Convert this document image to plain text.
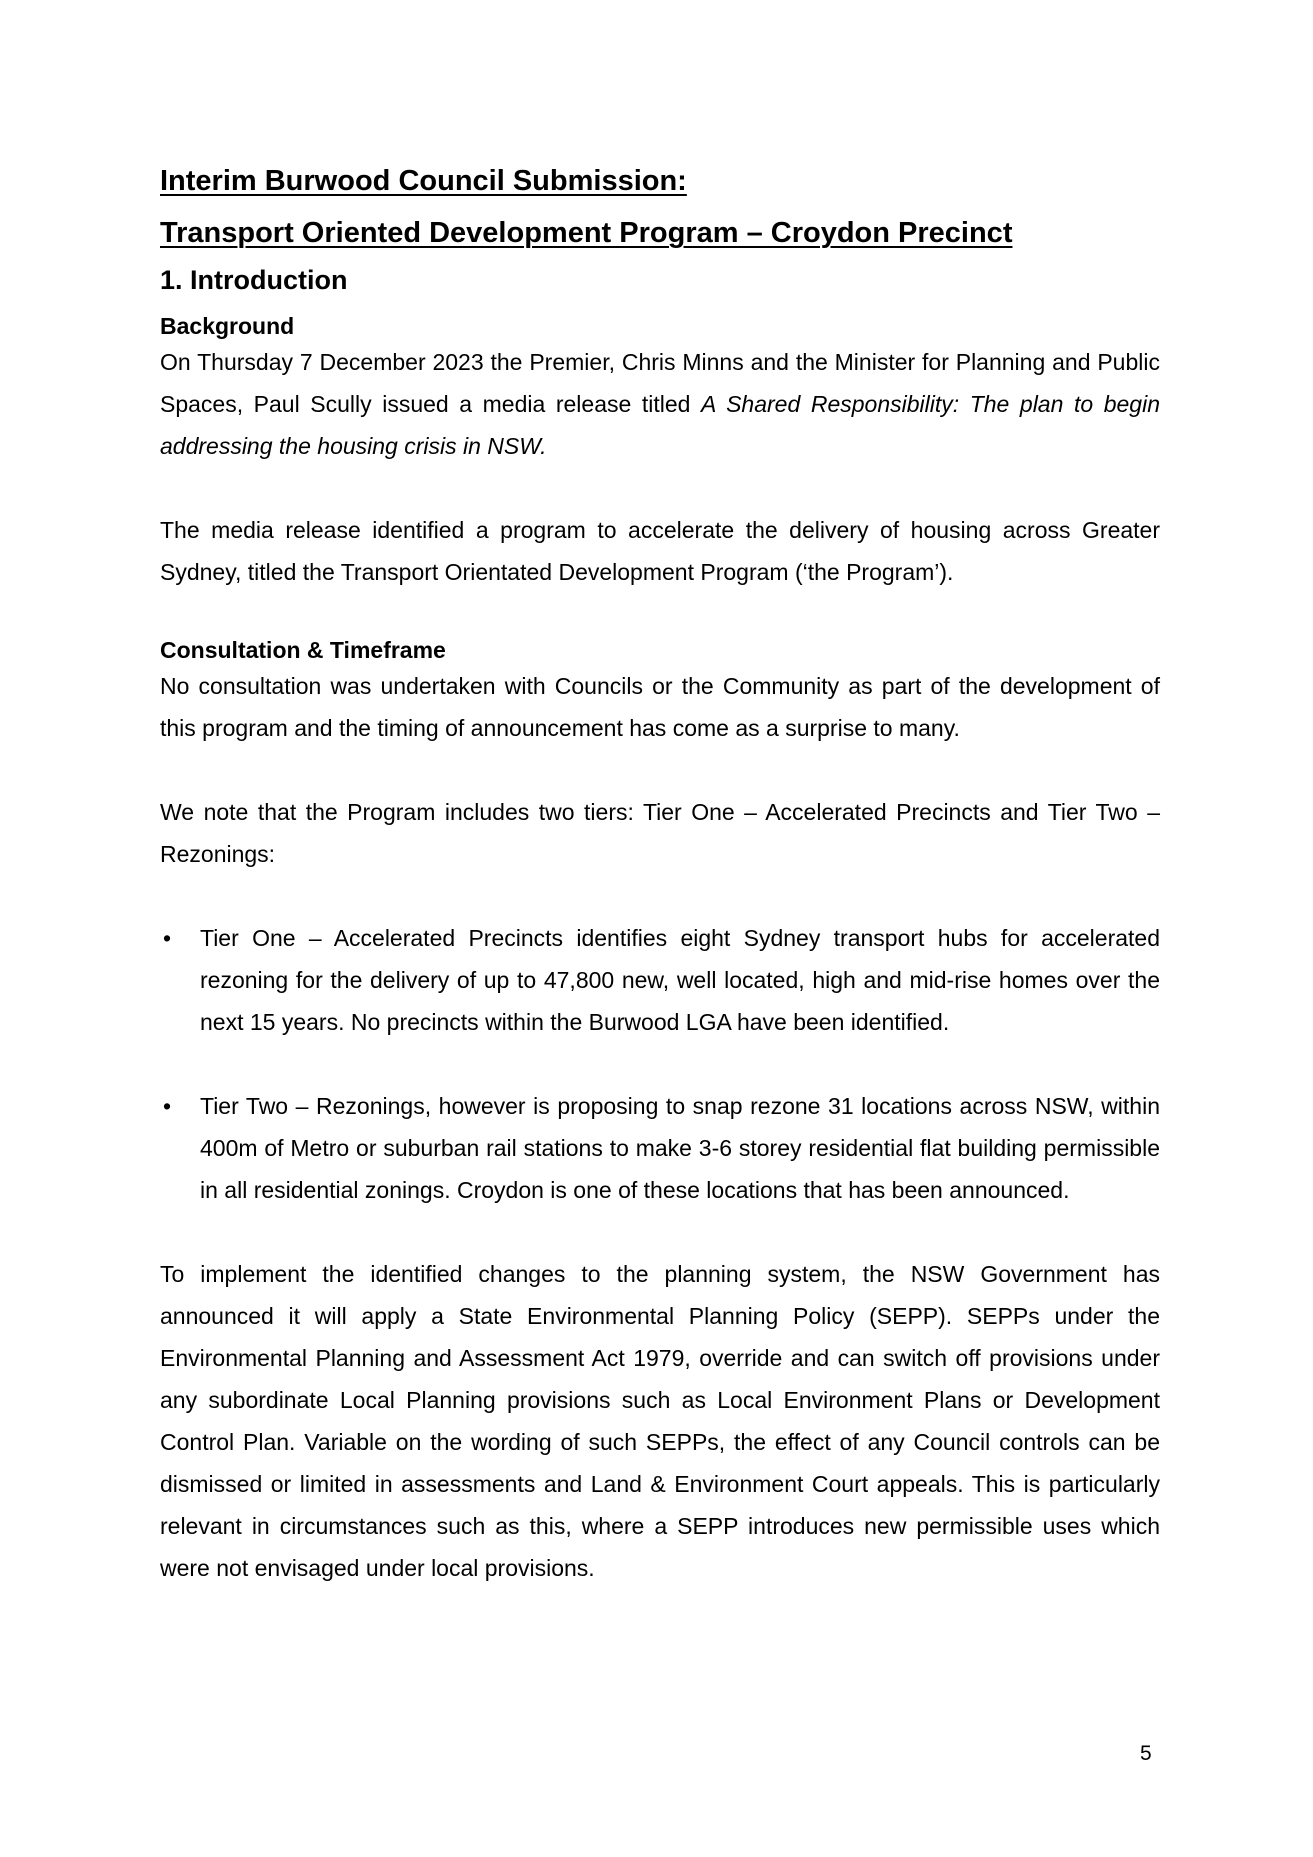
Interim Burwood Council Submission:
Transport Oriented Development Program – Croydon Precinct
1. Introduction
Background

On Thursday 7 December 2023 the Premier, Chris Minns and the Minister for Planning and Public Spaces, Paul Scully issued a media release titled A Shared Responsibility: The plan to begin addressing the housing crisis in NSW.

The media release identified a program to accelerate the delivery of housing across Greater Sydney, titled the Transport Orientated Development Program (‘the Program’).

Consultation & Timeframe

No consultation was undertaken with Councils or the Community as part of the development of this program and the timing of announcement has come as a surprise to many.

We note that the Program includes two tiers: Tier One – Accelerated Precincts and Tier Two – Rezonings:

• Tier One – Accelerated Precincts identifies eight Sydney transport hubs for accelerated rezoning for the delivery of up to 47,800 new, well located, high and mid-rise homes over the next 15 years. No precincts within the Burwood LGA have been identified.
• Tier Two – Rezonings, however is proposing to snap rezone 31 locations across NSW, within 400m of Metro or suburban rail stations to make 3-6 storey residential flat building permissible in all residential zonings. Croydon is one of these locations that has been announced.

To implement the identified changes to the planning system, the NSW Government has announced it will apply a State Environmental Planning Policy (SEPP). SEPPs under the Environmental Planning and Assessment Act 1979, override and can switch off provisions under any subordinate Local Planning provisions such as Local Environment Plans or Development Control Plan. Variable on the wording of such SEPPs, the effect of any Council controls can be dismissed or limited in assessments and Land & Environment Court appeals. This is particularly relevant in circumstances such as this, where a SEPP introduces new permissible uses which were not envisaged under local provisions.

5
